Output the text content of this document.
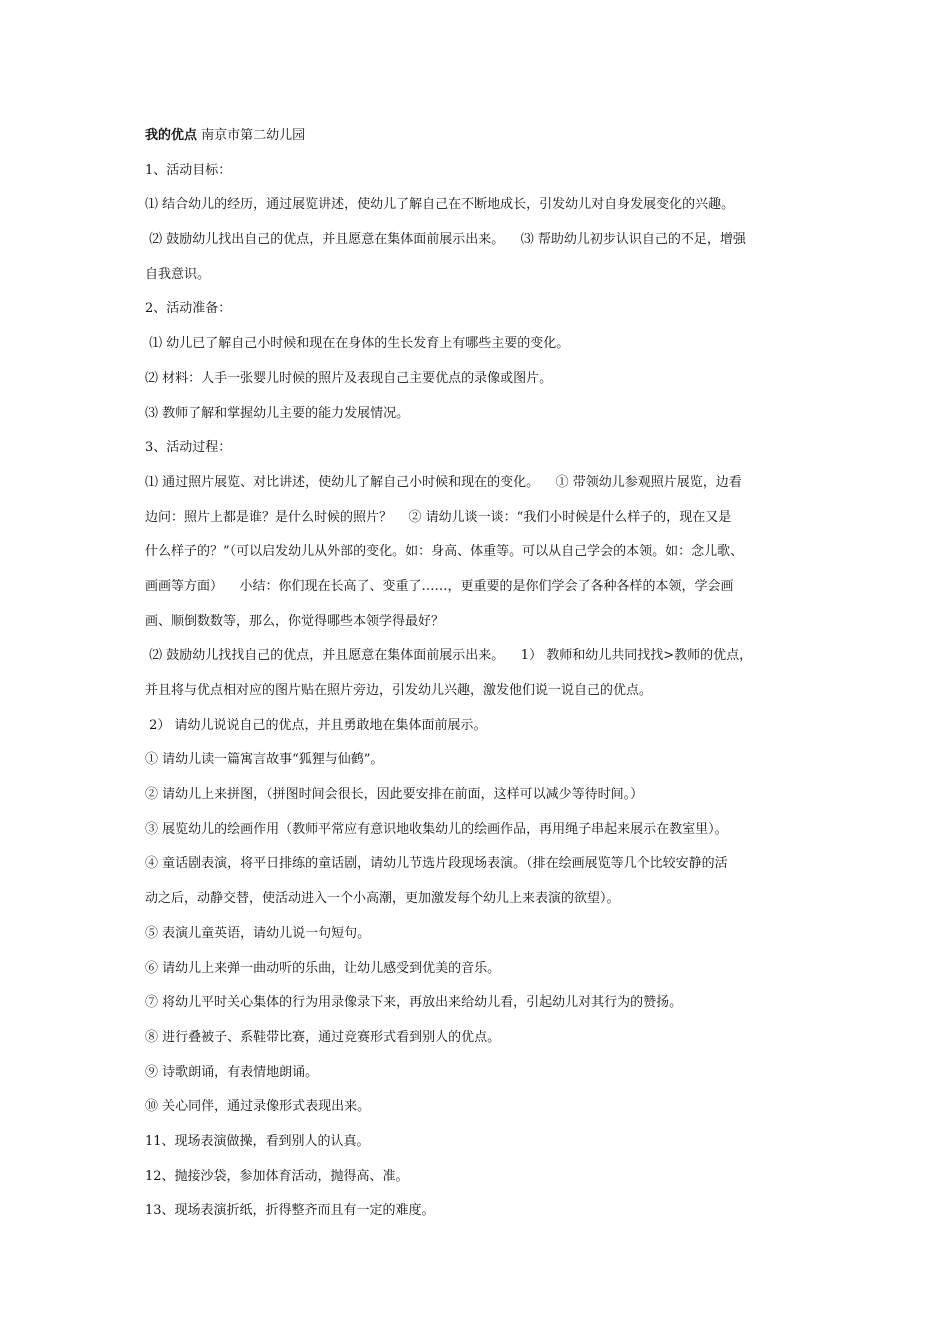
我的优点 南京市第二幼儿园
1、活动目标：
⑴ 结合幼儿的经历，通过展览讲述，使幼儿了解自己在不断地成长，引发幼儿对自身发展变化的兴趣。
⑵ 鼓励幼儿找出自己的优点，并且愿意在集体面前展示出来。    ⑶ 帮助幼儿初步认识自己的不足，增强
自我意识。
2、活动准备：
⑴ 幼儿已了解自己小时候和现在在身体的生长发育上有哪些主要的变化。
⑵ 材料：人手一张婴儿时候的照片及表现自己主要优点的录像或图片。
⑶ 教师了解和掌握幼儿主要的能力发展情况。
3、活动过程：
⑴ 通过照片展览、对比讲述，使幼儿了解自己小时候和现在的变化。    ① 带领幼儿参观照片展览，边看
边问：照片上都是谁？是什么时候的照片？    ② 请幼儿谈一谈：“我们小时候是什么样子的，现在又是
什么样子的？”（可以启发幼儿从外部的变化。如：身高、体重等。可以从自己学会的本领。如：念儿歌、
画画等方面）    小结：你们现在长高了、变重了……，更重要的是你们学会了各种各样的本领，学会画
画、顺倒数数等，那么，你觉得哪些本领学得最好？
⑵ 鼓励幼儿找找自己的优点，并且愿意在集体面前展示出来。    1） 教师和幼儿共同找找>教师的优点，
并且将与优点相对应的图片贴在照片旁边，引发幼儿兴趣，激发他们说一说自己的优点。
2） 请幼儿说说自己的优点，并且勇敢地在集体面前展示。
① 请幼儿读一篇寓言故事“狐狸与仙鹤”。
② 请幼儿上来拼图，（拼图时间会很长，因此要安排在前面，这样可以减少等待时间。）
③ 展览幼儿的绘画作用（教师平常应有意识地收集幼儿的绘画作品，再用绳子串起来展示在教室里）。
④ 童话剧表演，将平日排练的童话剧，请幼儿节选片段现场表演。（排在绘画展览等几个比较安静的活
动之后，动静交替，使活动进入一个小高潮，更加激发每个幼儿上来表演的欲望）。
⑤ 表演儿童英语，请幼儿说一句短句。
⑥ 请幼儿上来弹一曲动听的乐曲，让幼儿感受到优美的音乐。
⑦ 将幼儿平时关心集体的行为用录像录下来，再放出来给幼儿看，引起幼儿对其行为的赞扬。
⑧ 进行叠被子、系鞋带比赛，通过竞赛形式看到别人的优点。
⑨ 诗歌朗诵，有表情地朗诵。
⑩ 关心同伴，通过录像形式表现出来。
11、现场表演做操，看到别人的认真。
12、抛接沙袋，参加体育活动，抛得高、准。
13、现场表演折纸，折得整齐而且有一定的难度。
